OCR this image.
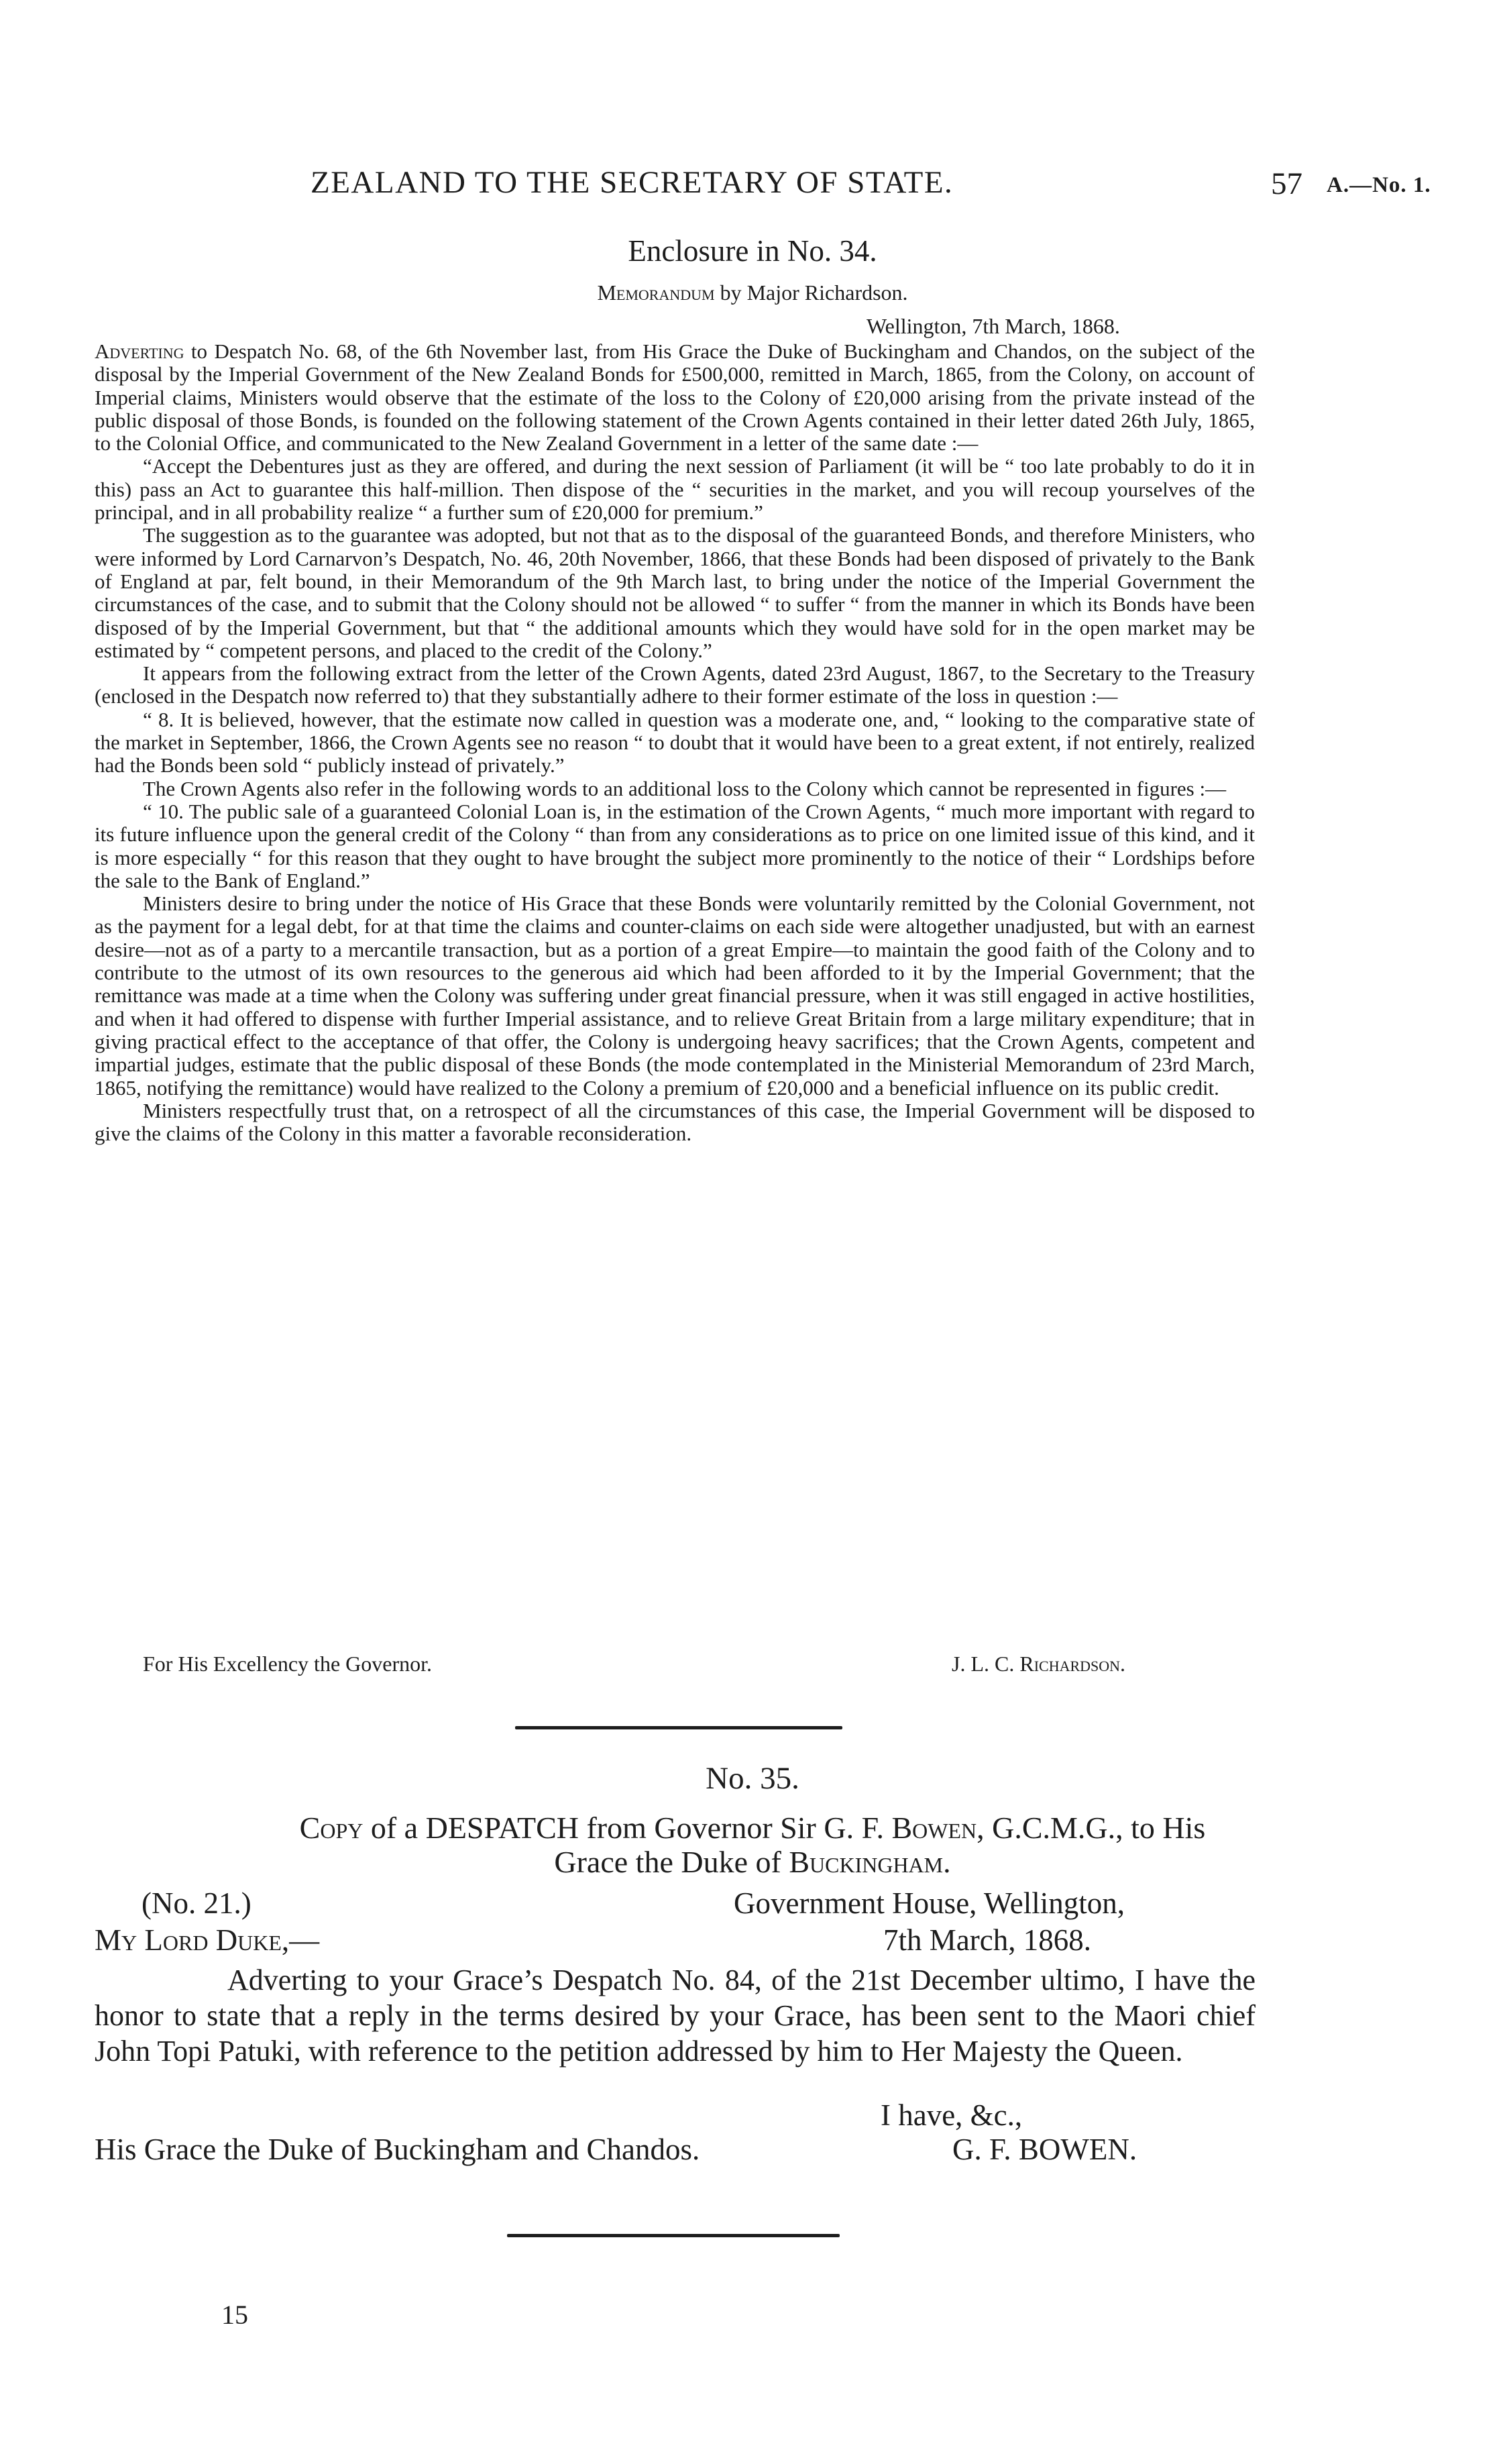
ZEALAND TO THE SECRETARY OF STATE.	57 A.—No. 1.
Enclosure in No. 34.
Memorandum by Major Richardson.
Wellington, 7th March, 1868.

Adverting to Despatch No. 68, of the 6th November last, from His Grace the Duke of Buckingham and Chandos, on the subject of the disposal by the Imperial Government of the New Zealand Bonds for £500,000, remitted in March, 1865, from the Colony, on account of Imperial claims, Ministers would observe that the estimate of the loss to the Colony of £20,000 arising from the private instead of the public disposal of those Bonds, is founded on the following statement of the Crown Agents contained in their letter dated 26th July, 1865, to the Colonial Office, and communicated to the New Zealand Government in a letter of the same date :—

“Accept the Debentures just as they are offered, and during the next session of Parliament (it will be “ too late probably to do it in this) pass an Act to guarantee this half-million. Then dispose of the “ securities in the market, and you will recoup yourselves of the principal, and in all probability realize “ a further sum of £20,000 for premium.”

The suggestion as to the guarantee was adopted, but not that as to the disposal of the guaranteed Bonds, and therefore Ministers, who were informed by Lord Carnarvon’s Despatch, No. 46, 20th November, 1866, that these Bonds had been disposed of privately to the Bank of England at par, felt bound, in their Memorandum of the 9th March last, to bring under the notice of the Imperial Government the circumstances of the case, and to submit that the Colony should not be allowed “ to suffer “ from the manner in which its Bonds have been disposed of by the Imperial Government, but that “ the additional amounts which they would have sold for in the open market may be estimated by “ competent persons, and placed to the credit of the Colony.”

It appears from the following extract from the letter of the Crown Agents, dated 23rd August, 1867, to the Secretary to the Treasury (enclosed in the Despatch now referred to) that they substantially adhere to their former estimate of the loss in question :—

“ 8. It is believed, however, that the estimate now called in question was a moderate one, and, “ looking to the comparative state of the market in September, 1866, the Crown Agents see no reason “ to doubt that it would have been to a great extent, if not entirely, realized had the Bonds been sold “ publicly instead of privately.”

The Crown Agents also refer in the following words to an additional loss to the Colony which cannot be represented in figures :—

“ 10. The public sale of a guaranteed Colonial Loan is, in the estimation of the Crown Agents, “ much more important with regard to its future influence upon the general credit of the Colony “ than from any considerations as to price on one limited issue of this kind, and it is more especially “ for this reason that they ought to have brought the subject more prominently to the notice of their “ Lordships before the sale to the Bank of England.”

Ministers desire to bring under the notice of His Grace that these Bonds were voluntarily remitted by the Colonial Government, not as the payment for a legal debt, for at that time the claims and counter-claims on each side were altogether unadjusted, but with an earnest desire—not as of a party to a mercantile transaction, but as a portion of a great Empire—to maintain the good faith of the Colony and to contribute to the utmost of its own resources to the generous aid which had been afforded to it by the Imperial Government; that the remittance was made at a time when the Colony was suffering under great financial pressure, when it was still engaged in active hostilities, and when it had offered to dispense with further Imperial assistance, and to relieve Great Britain from a large military expenditure; that in giving practical effect to the acceptance of that offer, the Colony is undergoing heavy sacrifices; that the Crown Agents, competent and impartial judges, estimate that the public disposal of these Bonds (the mode contemplated in the Ministerial Memorandum of 23rd March, 1865, notifying the remittance) would have realized to the Colony a premium of £20,000 and a beneficial influence on its public credit.

Ministers respectfully trust that, on a retrospect of all the circumstances of this case, the Imperial Government will be disposed to give the claims of the Colony in this matter a favorable reconsideration.

For His Excellency the Governor.	J. L. C. Richardson.
No. 35.
Copy of a DESPATCH from Governor Sir G. F. Bowen, G.C.M.G., to His
Grace the Duke of Buckingham.
(No. 21.)	Government House, Wellington,
My Lord Duke,—	7th March, 1868.

Adverting to your Grace’s Despatch No. 84, of the 21st December ultimo, I have the honor to state that a reply in the terms desired by your Grace, has been sent to the Maori chief John Topi Patuki, with reference to the petition addressed by him to Her Majesty the Queen.

I have, &c.,
His Grace the Duke of Buckingham and Chandos.	G. F. BOWEN.
15
